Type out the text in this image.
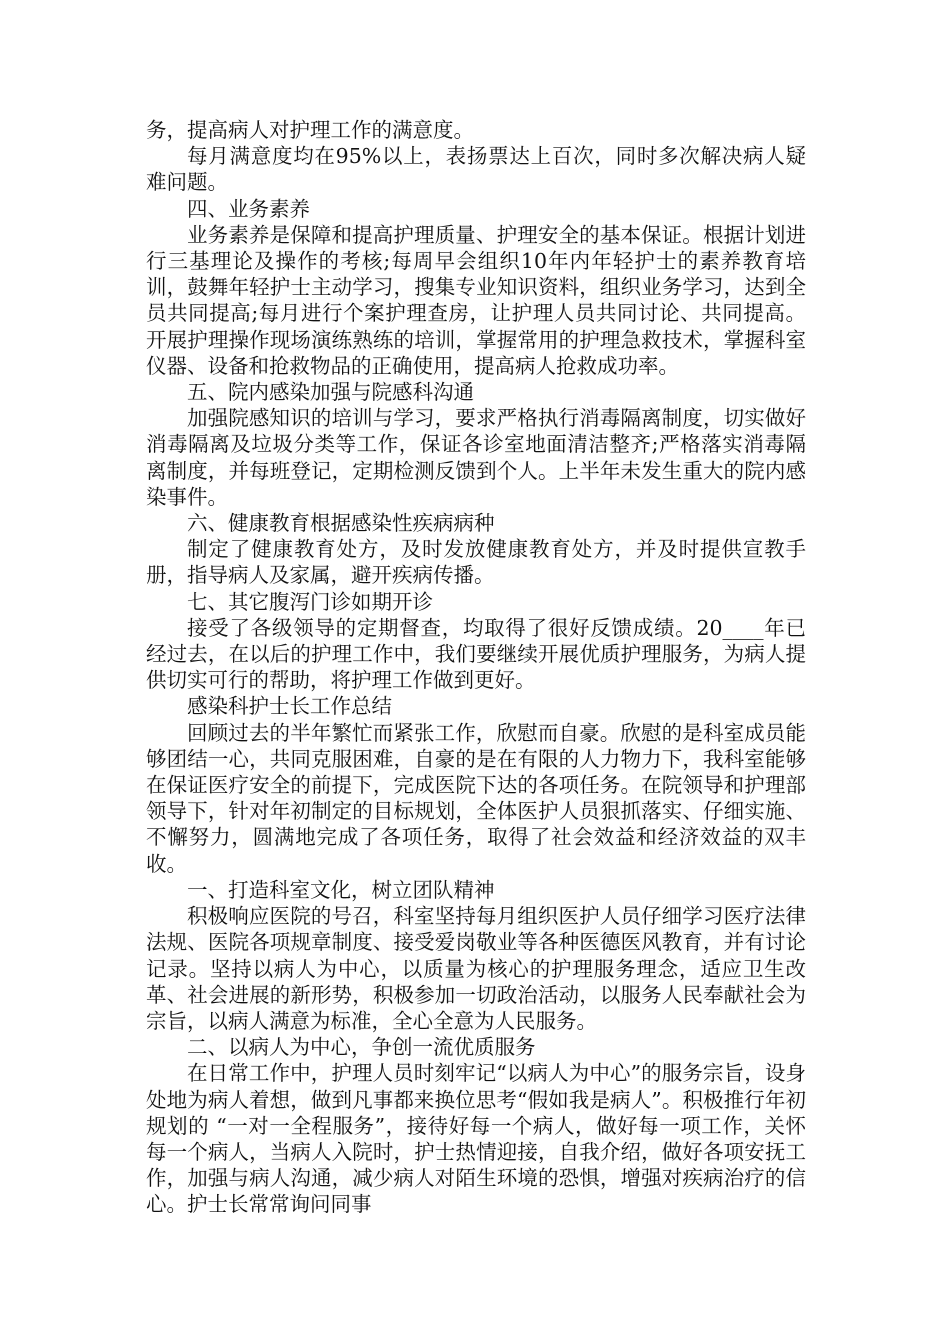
务，提高病人对护理工作的满意度。

每月满意度均在95%以上，表扬票达上百次，同时多次解决病人疑难问题。

四、业务素养

业务素养是保障和提高护理质量、护理安全的基本保证。根据计划进行三基理论及操作的考核;每周早会组织10年内年轻护士的素养教育培训，鼓舞年轻护士主动学习，搜集专业知识资料，组织业务学习，达到全员共同提高;每月进行个案护理查房，让护理人员共同讨论、共同提高。开展护理操作现场演练熟练的培训，掌握常用的护理急救技术，掌握科室仪器、设备和抢救物品的正确使用，提高病人抢救成功率。

五、院内感染加强与院感科沟通

加强院感知识的培训与学习，要求严格执行消毒隔离制度，切实做好消毒隔离及垃圾分类等工作，保证各诊室地面清洁整齐;严格落实消毒隔离制度，并每班登记，定期检测反馈到个人。上半年未发生重大的院内感染事件。

六、健康教育根据感染性疾病病种

制定了健康教育处方，及时发放健康教育处方，并及时提供宣教手册，指导病人及家属，避开疾病传播。

七、其它腹泻门诊如期开诊

接受了各级领导的定期督查，均取得了很好反馈成绩。20____年已经过去，在以后的护理工作中，我们要继续开展优质护理服务，为病人提供切实可行的帮助，将护理工作做到更好。

感染科护士长工作总结

回顾过去的半年繁忙而紧张工作，欣慰而自豪。欣慰的是科室成员能够团结一心，共同克服困难，自豪的是在有限的人力物力下，我科室能够在保证医疗安全的前提下，完成医院下达的各项任务。在院领导和护理部领导下，针对年初制定的目标规划，全体医护人员狠抓落实、仔细实施、不懈努力，圆满地完成了各项任务，取得了社会效益和经济效益的双丰收。

一、打造科室文化，树立团队精神

积极响应医院的号召，科室坚持每月组织医护人员仔细学习医疗法律法规、医院各项规章制度、接受爱岗敬业等各种医德医风教育，并有讨论记录。坚持以病人为中心，以质量为核心的护理服务理念，适应卫生改革、社会进展的新形势，积极参加一切政治活动，以服务人民奉献社会为宗旨，以病人满意为标准，全心全意为人民服务。

二、以病人为中心，争创一流优质服务

在日常工作中，护理人员时刻牢记“以病人为中心”的服务宗旨，设身处地为病人着想，做到凡事都来换位思考“假如我是病人”。积极推行年初规划的 “一对一全程服务”，接待好每一个病人，做好每一项工作，关怀每一个病人，当病人入院时，护士热情迎接，自我介绍，做好各项安抚工作，加强与病人沟通，减少病人对陌生环境的恐惧，增强对疾病治疗的信心。护士长常常询问同事
